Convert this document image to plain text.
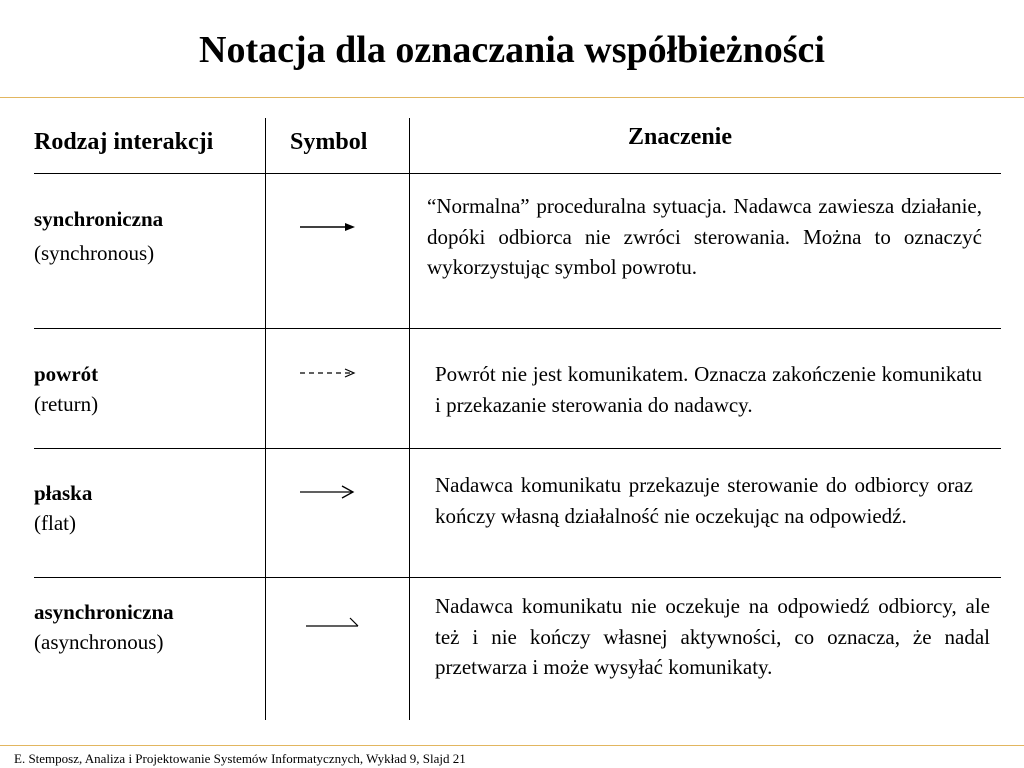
Notacja dla oznaczania współbieżności
Rodzaj interakcji	Symbol	Znaczenie
synchroniczna
(synchronous)
“Normalna” proceduralna sytuacja. Nadawca zawiesza działanie, dopóki odbiorca nie zwróci sterowania. Można to oznaczyć wykorzystując symbol powrotu.
powrót
(return)
Powrót nie jest komunikatem. Oznacza zakończenie komunikatu i przekazanie sterowania do nadawcy.
płaska
(flat)
Nadawca komunikatu przekazuje sterowanie do odbiorcy oraz kończy własną działalność nie oczekując na odpowiedź.
asynchroniczna
(asynchronous)
Nadawca komunikatu nie oczekuje na odpowiedź odbiorcy, ale też i nie kończy własnej aktywności, co oznacza, że nadal przetwarza i może wysyłać komunikaty.
E. Stemposz, Analiza i Projektowanie Systemów Informatycznych, Wykład 9, Slajd 21
